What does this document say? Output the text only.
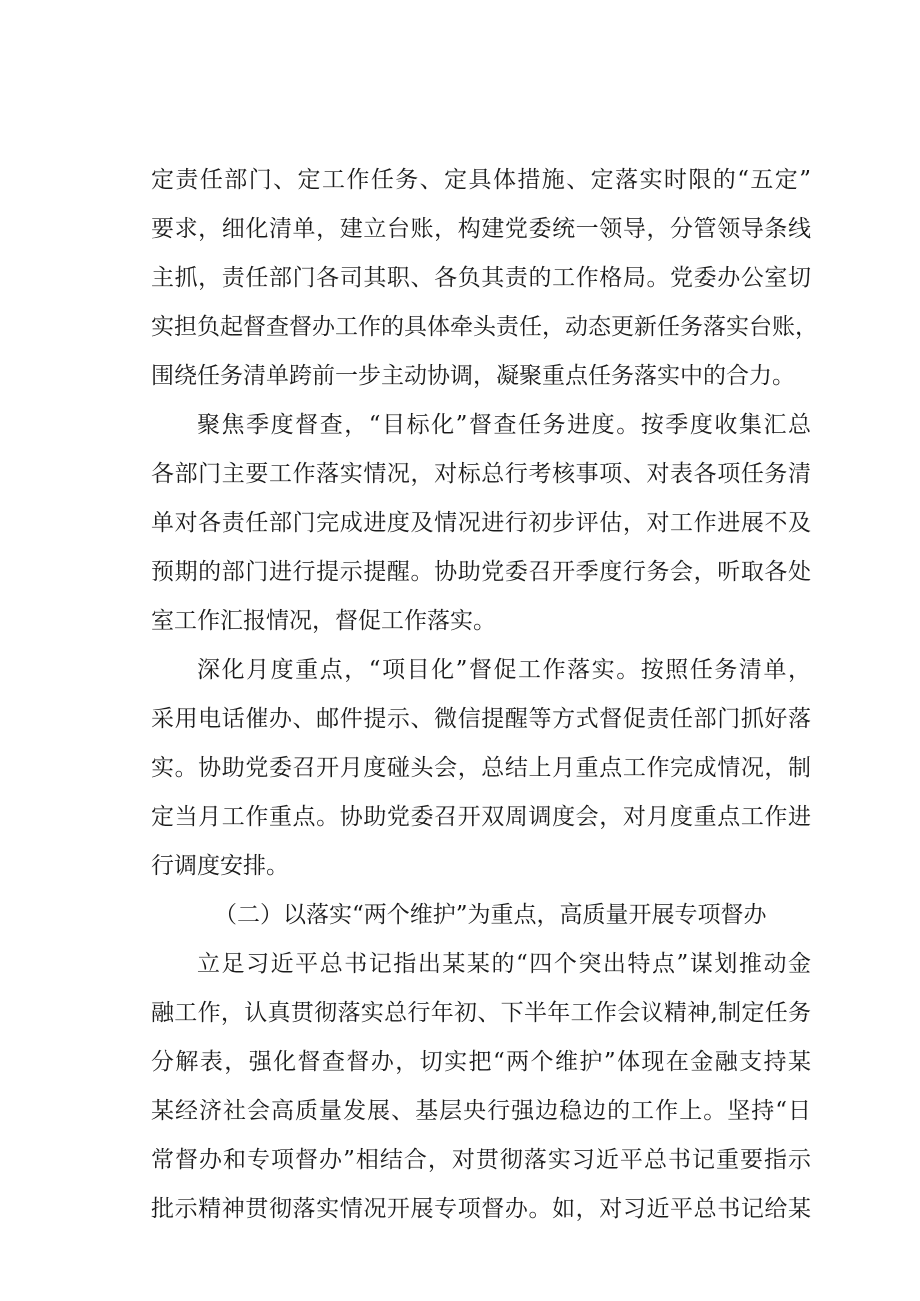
定责任部门、定工作任务、定具体措施、定落实时限的“五定”
要求，细化清单，建立台账，构建党委统一领导，分管领导条线
主抓，责任部门各司其职、各负其责的工作格局。党委办公室切
实担负起督查督办工作的具体牵头责任，动态更新任务落实台账，
围绕任务清单跨前一步主动协调，凝聚重点任务落实中的合力。
聚焦季度督查，“目标化”督查任务进度。按季度收集汇总
各部门主要工作落实情况，对标总行考核事项、对表各项任务清
单对各责任部门完成进度及情况进行初步评估，对工作进展不及
预期的部门进行提示提醒。协助党委召开季度行务会，听取各处
室工作汇报情况，督促工作落实。
深化月度重点，“项目化”督促工作落实。按照任务清单，
采用电话催办、邮件提示、微信提醒等方式督促责任部门抓好落
实。协助党委召开月度碰头会，总结上月重点工作完成情况，制
定当月工作重点。协助党委召开双周调度会，对月度重点工作进
行调度安排。
（二）以落实“两个维护”为重点，高质量开展专项督办
立足习近平总书记指出某某的“四个突出特点”谋划推动金
融工作，认真贯彻落实总行年初、下半年工作会议精神,制定任务
分解表，强化督查督办，切实把“两个维护”体现在金融支持某
某经济社会高质量发展、基层央行强边稳边的工作上。坚持“日
常督办和专项督办”相结合，对贯彻落实习近平总书记重要指示
批示精神贯彻落实情况开展专项督办。如，对习近平总书记给某
